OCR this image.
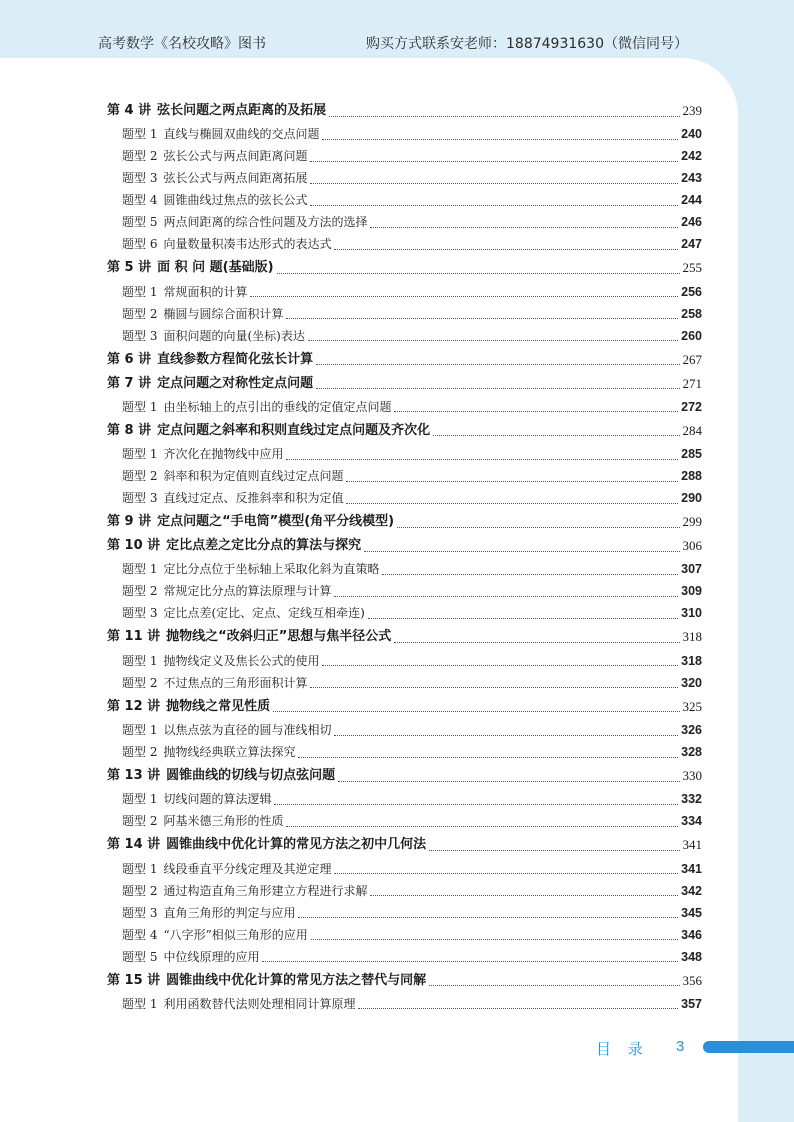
高考数学《名校攻略》图书	购买方式联系安老师：18874931630（微信同号）
第 4 讲 弦长问题之两点距离的及拓展	239
题型 1 直线与椭圆双曲线的交点问题	240
题型 2 弦长公式与两点间距离问题	242
题型 3 弦长公式与两点间距离拓展	243
题型 4 圆锥曲线过焦点的弦长公式	244
题型 5 两点间距离的综合性问题及方法的选择	246
题型 6 向量数量积凑韦达形式的表达式	247
第 5 讲 面 积 问 题(基础版)	255
题型 1 常规面积的计算	256
题型 2 椭圆与圆综合面积计算	258
题型 3 面积问题的向量(坐标)表达	260
第 6 讲 直线参数方程简化弦长计算	267
第 7 讲 定点问题之对称性定点问题	271
题型 1 由坐标轴上的点引出的垂线的定值定点问题	272
第 8 讲 定点问题之斜率和积则直线过定点问题及齐次化	284
题型 1 齐次化在抛物线中应用	285
题型 2 斜率和积为定值则直线过定点问题	288
题型 3 直线过定点、反推斜率和积为定值	290
第 9 讲 定点问题之“手电筒”模型(角平分线模型)	299
第 10 讲 定比点差之定比分点的算法与探究	306
题型 1 定比分点位于坐标轴上采取化斜为直策略	307
题型 2 常规定比分点的算法原理与计算	309
题型 3 定比点差(定比、定点、定线互相牵连)	310
第 11 讲 抛物线之“改斜归正”思想与焦半径公式	318
题型 1 抛物线定义及焦长公式的使用	318
题型 2 不过焦点的三角形面积计算	320
第 12 讲 抛物线之常见性质	325
题型 1 以焦点弦为直径的圆与准线相切	326
题型 2 抛物线经典联立算法探究	328
第 13 讲 圆锥曲线的切线与切点弦问题	330
题型 1 切线问题的算法逻辑	332
题型 2 阿基米德三角形的性质	334
第 14 讲 圆锥曲线中优化计算的常见方法之初中几何法	341
题型 1 线段垂直平分线定理及其逆定理	341
题型 2 通过构造直角三角形建立方程进行求解	342
题型 3 直角三角形的判定与应用	345
题型 4 “八字形”相似三角形的应用	346
题型 5 中位线原理的应用	348
第 15 讲 圆锥曲线中优化计算的常见方法之替代与同解	356
题型 1 利用函数替代法则处理相同计算原理	357
目 录 3
